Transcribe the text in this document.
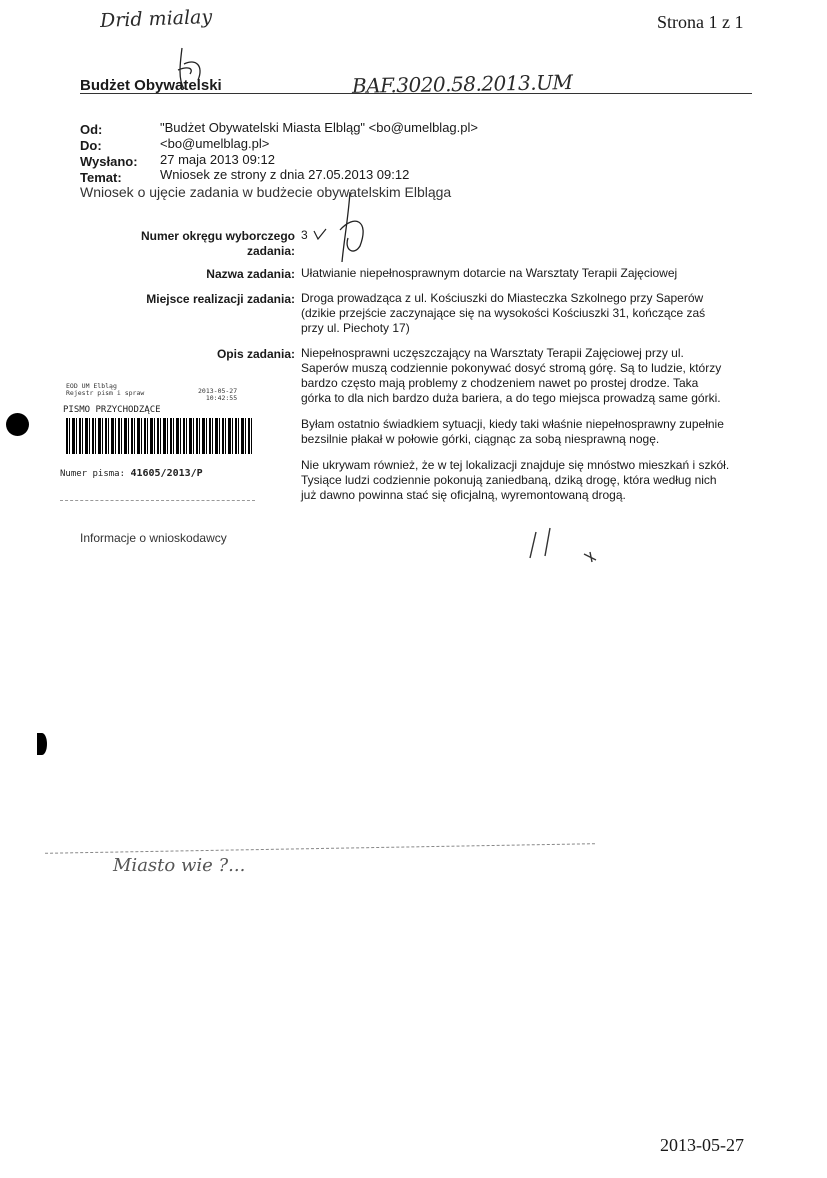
Strona 1 z 1
Drid mialay
Budżet Obywatelski	BAF.3020.58.2013.UM
Od:	"Budżet Obywatelski Miasta Elbląg" <bo@umelblag.pl>
Do:	<bo@umelblag.pl>
Wysłano: 27 maja 2013 09:12
Temat:	Wniosek ze strony z dnia 27.05.2013 09:12
Wniosek o ujęcie zadania w budżecie obywatelskim Elbląga
Numer okręgu wyborczego
zadania:
3
Nazwa zadania: Ułatwianie niepełnosprawnym dotarcie na Warsztaty Terapii Zajęciowej
Miejsce realizacji zadania: Droga prowadząca z ul. Kościuszki do Miasteczka Szkolnego przy Saperów
(dzikie przejście zaczynające się na wysokości Kościuszki 31, kończące zaś
przy ul. Piechoty 17)
Opis zadania: Niepełnosprawni uczęszczający na Warsztaty Terapii Zajęciowej przy ul.
Saperów muszą codziennie pokonywać dosyć stromą górę. Są to ludzie, którzy
bardzo często mają problemy z chodzeniem nawet po prostej drodze. Taka
górka to dla nich bardzo duża bariera, a do tego miejsca prowadzą same górki.
Byłam ostatnio świadkiem sytuacji, kiedy taki właśnie niepełnosprawny zupełnie
bezsilnie płakał w połowie górki, ciągnąc za sobą niesprawną nogę.
Nie ukrywam również, że w tej lokalizacji znajduje się mnóstwo mieszkań i szkół.
Tysiące ludzi codziennie pokonują zaniedbaną, dziką drogę, która według nich
już dawno powinna stać się oficjalną, wyremontowaną drogą.
Informacje o wnioskodawcy
EOD UM Elbląg
Rejestr pism i spraw	2013-05-27
10:42:55
PISMO PRZYCHODZĄCE
Numer pisma: 41605/2013/P
Miasto wie ?...
2013-05-27
